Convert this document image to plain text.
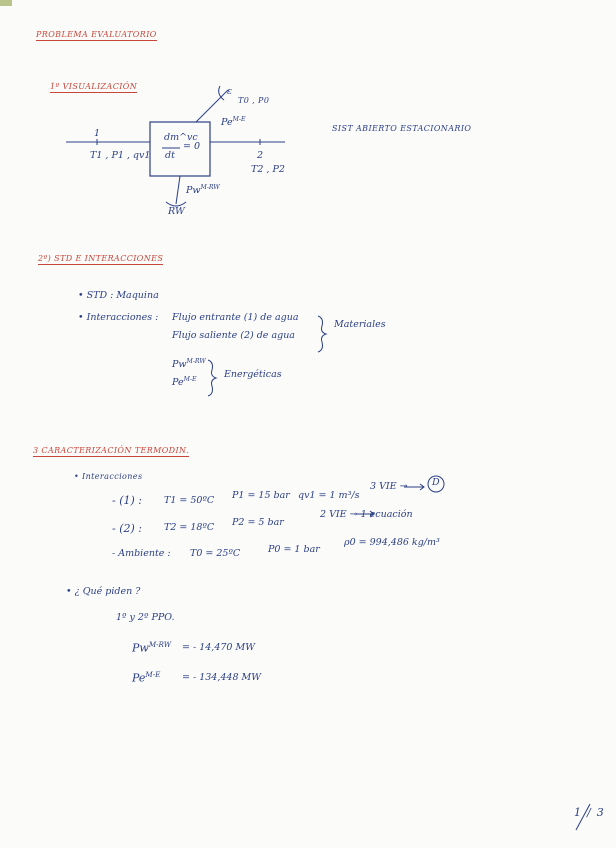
PROBLEMA EVALUATORIO
1º VISUALIZACIÓN
dm^vc
dt
= 0
1
T1 , P1 , qv1	2
T2 , P2
ε
T0 , P0
$Pe^{M-E}$
$Pw^{M-RW}$
RW
SIST ABIERTO ESTACIONARIO
2º) STD E INTERACCIONES
• STD : Maquina
• Interacciones : Flujo entrante (1) de agua
Flujo saliente (2) de agua
Materiales
$Pw^{M-RW}$
$Pe^{M-E}$	Energéticas
3 CARACTERIZACIÓN TERMODIN.
• Interacciones
- (1) : T1 = 50ºC P1 = 15 bar qv1 = 1 m³/s
3 VIE →	D
- (2) : T2 = 18ºC P2 = 5 bar
2 VIE → 1 ecuación
- Ambiente : T0 = 25ºC	P0 = 1 bar
ρ0 = 994,486 kg/m³
• ¿ Qué piden ?
1º y 2º PPO.
$Pw^{M-RW}$ = - 14,470 MW
$Pe^{M-E}$ = - 134,448 MW
1/3
